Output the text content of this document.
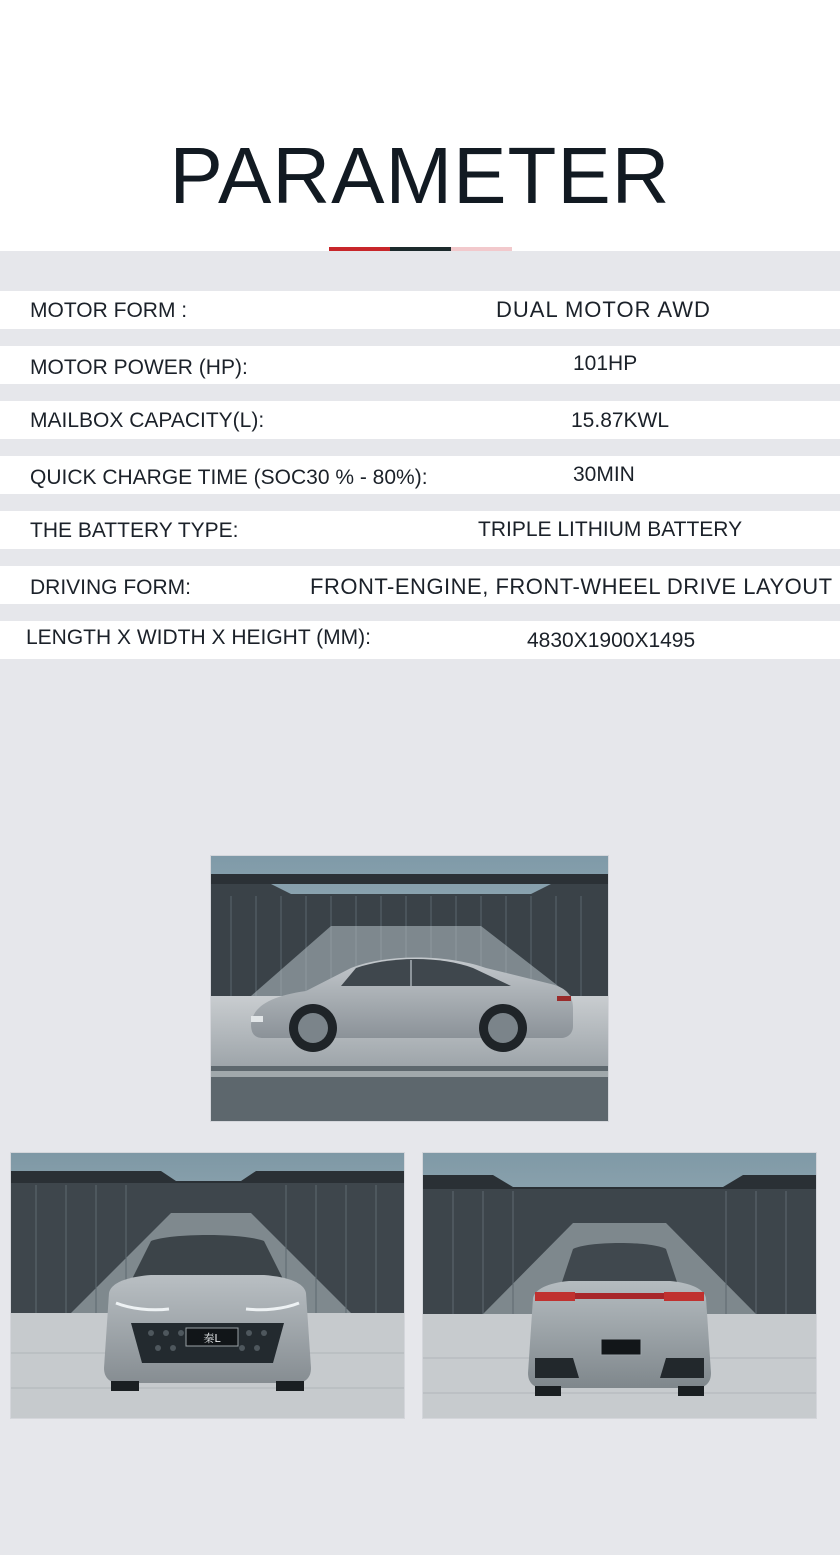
PARAMETER
MOTOR FORM :	DUAL MOTOR AWD
MOTOR POWER (HP):	101HP
MAILBOX CAPACITY(L):	15.87KWL
QUICK CHARGE TIME (SOC30 % - 80%):	30MIN
THE BATTERY TYPE:	TRIPLE LITHIUM BATTERY
DRIVING FORM:	FRONT-ENGINE, FRONT-WHEEL DRIVE LAYOUT
LENGTH X WIDTH X HEIGHT (MM):	4830X1900X1495
秦L
